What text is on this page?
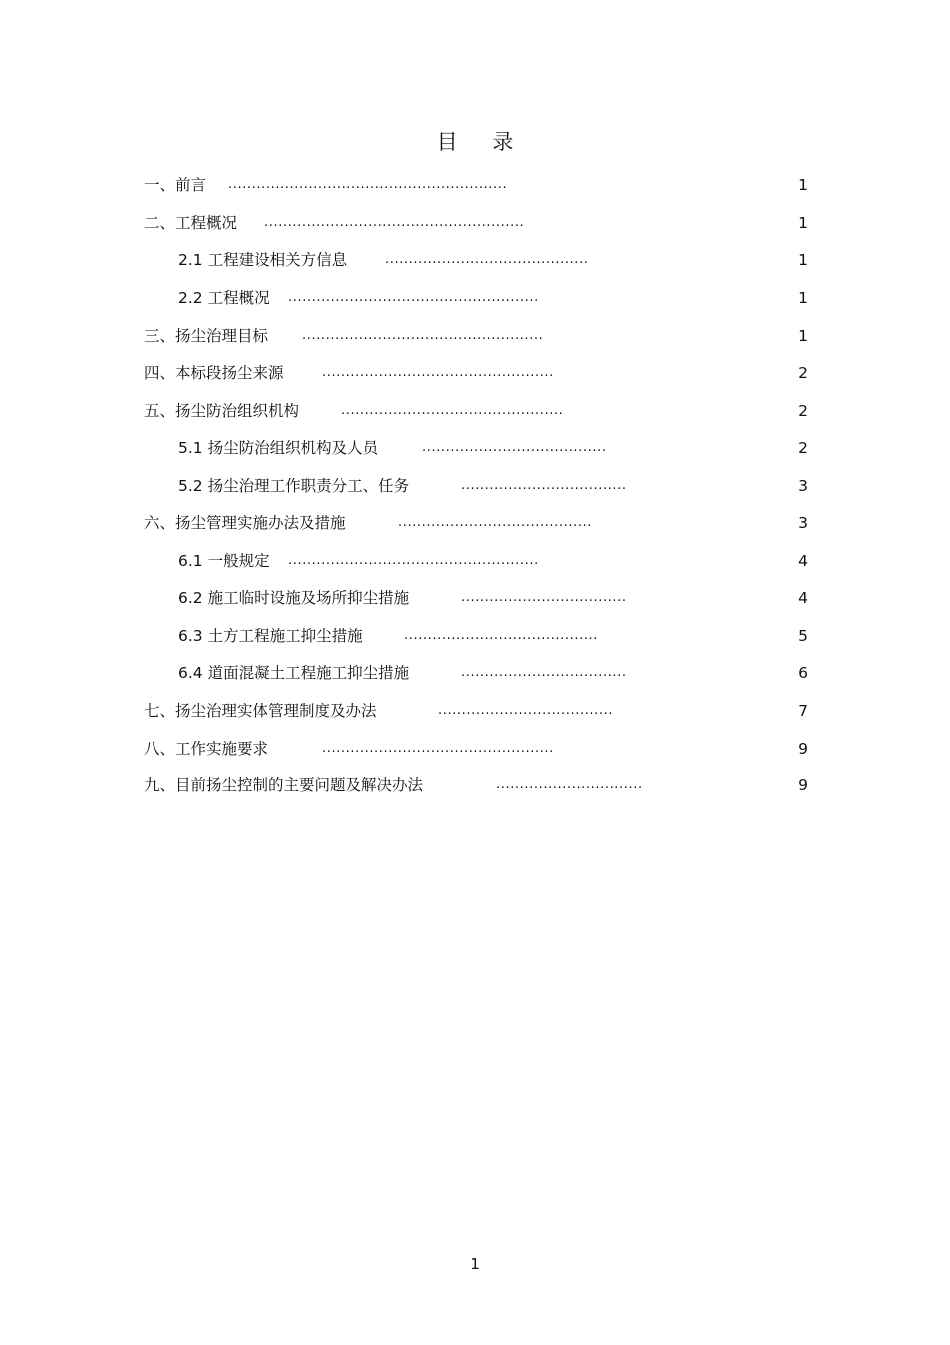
目 录
一、前言 ...........................................................	1
二、工程概况 .......................................................	1
2.1 工程建设相关方信息	...........................................	1
2.2 工程概况 .....................................................	1
三、扬尘治理目标	...................................................	1
四、本标段扬尘来源	.................................................	2
五、扬尘防治组织机构	...............................................	2
5.1 扬尘防治组织机构及人员	.......................................	2
5.2 扬尘治理工作职责分工、任务	...................................	3
六、扬尘管理实施办法及措施	.........................................	3
6.1 一般规定 .....................................................	4
6.2 施工临时设施及场所抑尘措施	...................................	4
6.3 土方工程施工抑尘措施	.........................................	5
6.4 道面混凝土工程施工抑尘措施	...................................	6
七、扬尘治理实体管理制度及办法	.....................................	7
八、工作实施要求	.................................................	9
九、目前扬尘控制的主要问题及解决办法	...............................	9
1
